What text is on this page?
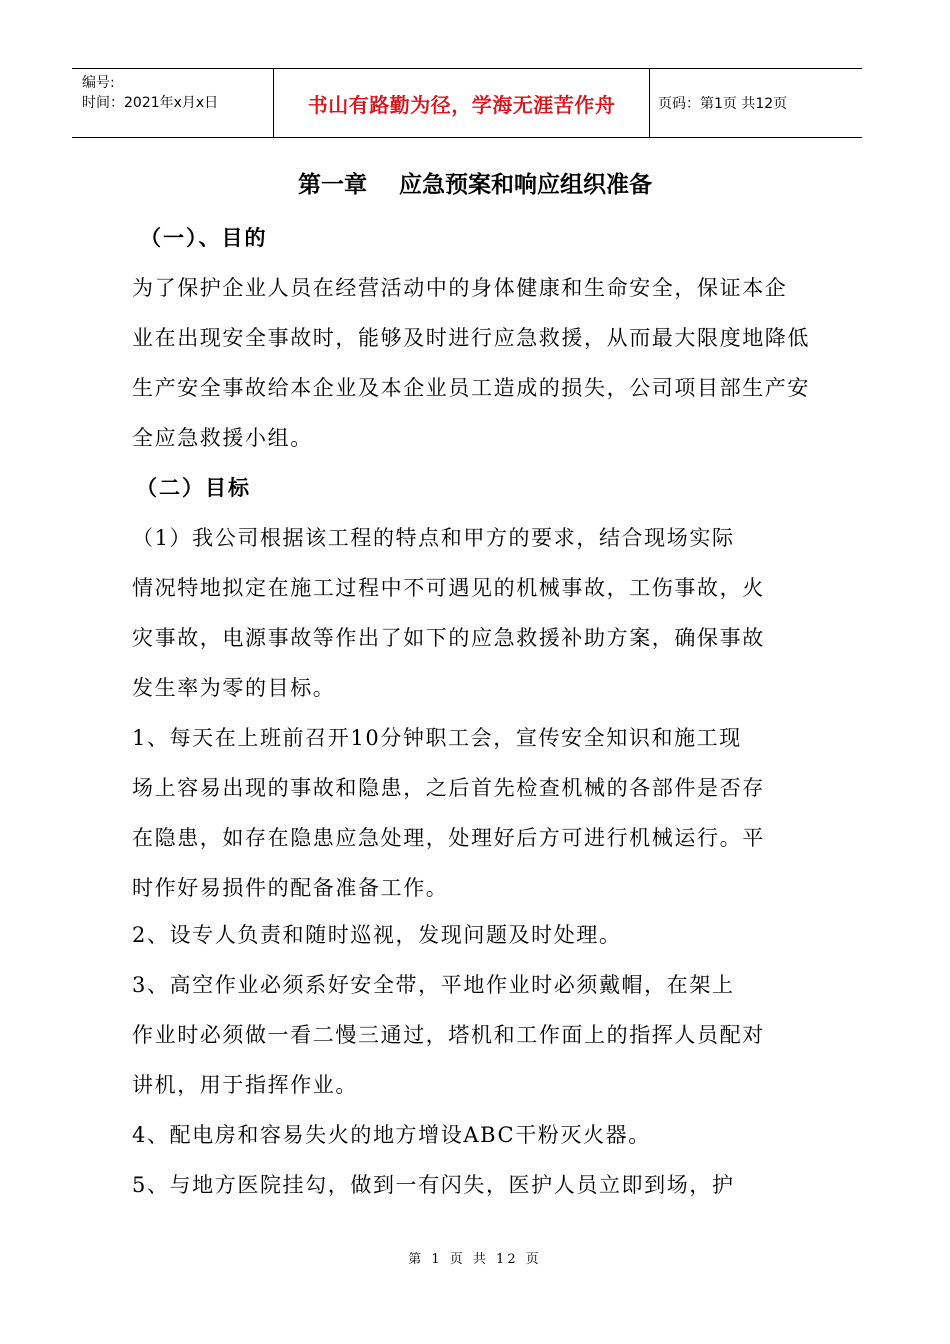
编号:
时间：2021年x月x日	书山有路勤为径，学海无涯苦作舟	页码：第1页 共12页
第一章    应急预案和响应组织准备
（一）、目的
为了保护企业人员在经营活动中的身体健康和生命安全，保证本企
业在出现安全事故时，能够及时进行应急救援，从而最大限度地降低
生产安全事故给本企业及本企业员工造成的损失，公司项目部生产安
全应急救援小组。
（二）目标
（1）我公司根据该工程的特点和甲方的要求，结合现场实际
情况特地拟定在施工过程中不可遇见的机械事故，工伤事故，火
灾事故，电源事故等作出了如下的应急救援补助方案，确保事故
发生率为零的目标。
1、每天在上班前召开10分钟职工会，宣传安全知识和施工现
场上容易出现的事故和隐患，之后首先检查机械的各部件是否存
在隐患，如存在隐患应急处理，处理好后方可进行机械运行。平
时作好易损件的配备准备工作。
2、设专人负责和随时巡视，发现问题及时处理。
3、高空作业必须系好安全带，平地作业时必须戴帽，在架上
作业时必须做一看二慢三通过，塔机和工作面上的指挥人员配对
讲机，用于指挥作业。
4、配电房和容易失火的地方增设ABC干粉灭火器。
5、与地方医院挂勾，做到一有闪失，医护人员立即到场，护
第 1 页 共 12 页
